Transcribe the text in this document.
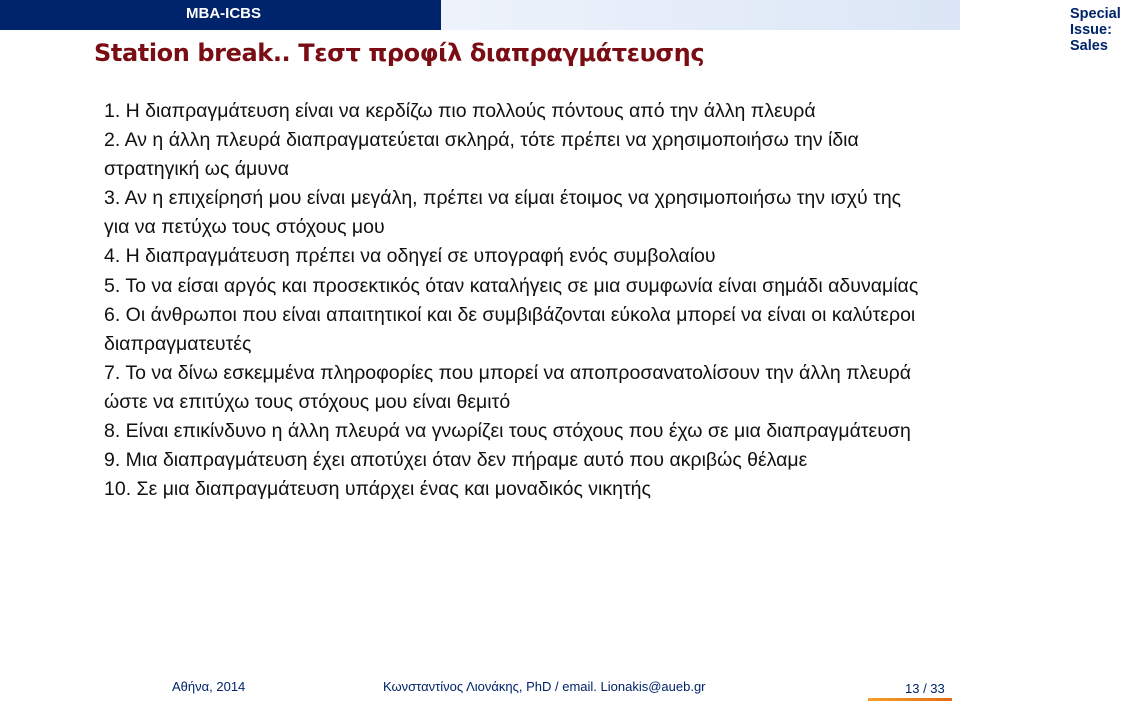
MBA-ICBS	Special Issue: Sales
Station break.. Τεστ προφίλ διαπραγμάτευσης

1. Η διαπραγμάτευση είναι να κερδίζω πιο πολλούς πόντους από την άλλη πλευρά

2. Αν η άλλη πλευρά διαπραγματεύεται σκληρά, τότε πρέπει να χρησιμοποιήσω την ίδια στρατηγική ως άμυνα

3. Αν η επιχείρησή μου είναι μεγάλη, πρέπει να είμαι έτοιμος να χρησιμοποιήσω την ισχύ της για να πετύχω τους στόχους μου

4. Η διαπραγμάτευση πρέπει να οδηγεί σε υπογραφή ενός συμβολαίου

5. Το να είσαι αργός και προσεκτικός όταν καταλήγεις σε μια συμφωνία είναι σημάδι αδυναμίας

6. Οι άνθρωποι που είναι απαιτητικοί και δε συμβιβάζονται εύκολα μπορεί να είναι οι καλύτεροι διαπραγματευτές

7. Το να δίνω εσκεμμένα πληροφορίες που μπορεί να αποπροσανατολίσουν την άλλη πλευρά ώστε να επιτύχω τους στόχους μου είναι θεμιτό

8. Είναι επικίνδυνο η άλλη πλευρά να γνωρίζει τους στόχους που έχω σε μια διαπραγμάτευση

9. Μια διαπραγμάτευση έχει αποτύχει όταν δεν πήραμε αυτό που ακριβώς θέλαμε

10. Σε μια διαπραγμάτευση υπάρχει ένας και μοναδικός νικητής

Αθήνα, 2014	Κωνσταντίνος Λιονάκης, PhD / email. Lionakis@aueb.gr	13 / 33
